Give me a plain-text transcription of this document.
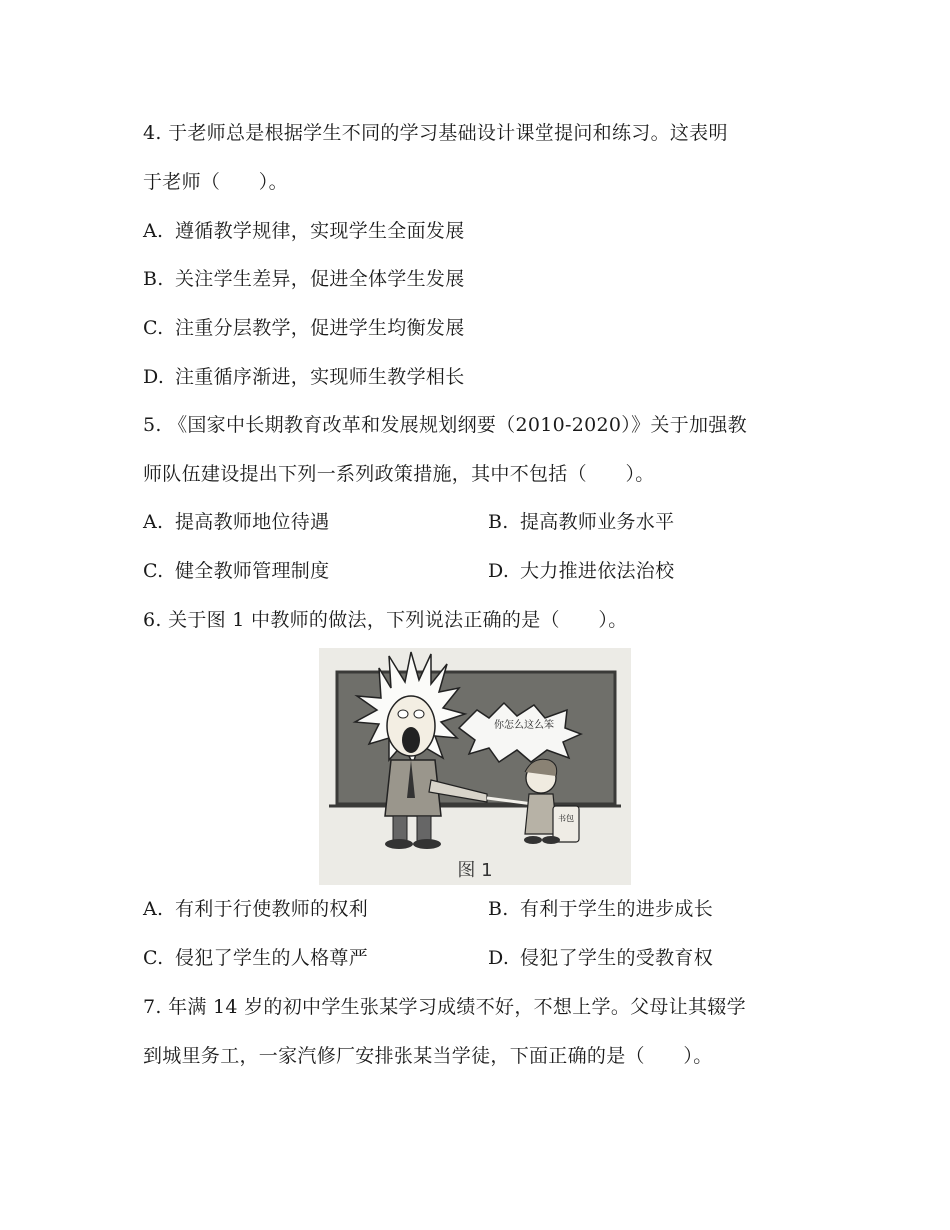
4. 于老师总是根据学生不同的学习基础设计课堂提问和练习。这表明
于老师（　　）。
A. 遵循教学规律，实现学生全面发展
B. 关注学生差异，促进全体学生发展
C. 注重分层教学，促进学生均衡发展
D. 注重循序渐进，实现师生教学相长
5. 《国家中长期教育改革和发展规划纲要（2010-2020）》关于加强教
师队伍建设提出下列一系列政策措施，其中不包括（　　）。
A. 提高教师地位待遇	B. 提高教师业务水平
C. 健全教师管理制度	D. 大力推进依法治校
6. 关于图 1 中教师的做法，下列说法正确的是（　　）。
你怎么这么笨
书包
图 1
A. 有利于行使教师的权利	B. 有利于学生的进步成长
C. 侵犯了学生的人格尊严	D. 侵犯了学生的受教育权
7. 年满 14 岁的初中学生张某学习成绩不好，不想上学。父母让其辍学
到城里务工，一家汽修厂安排张某当学徒，下面正确的是（　　）。
